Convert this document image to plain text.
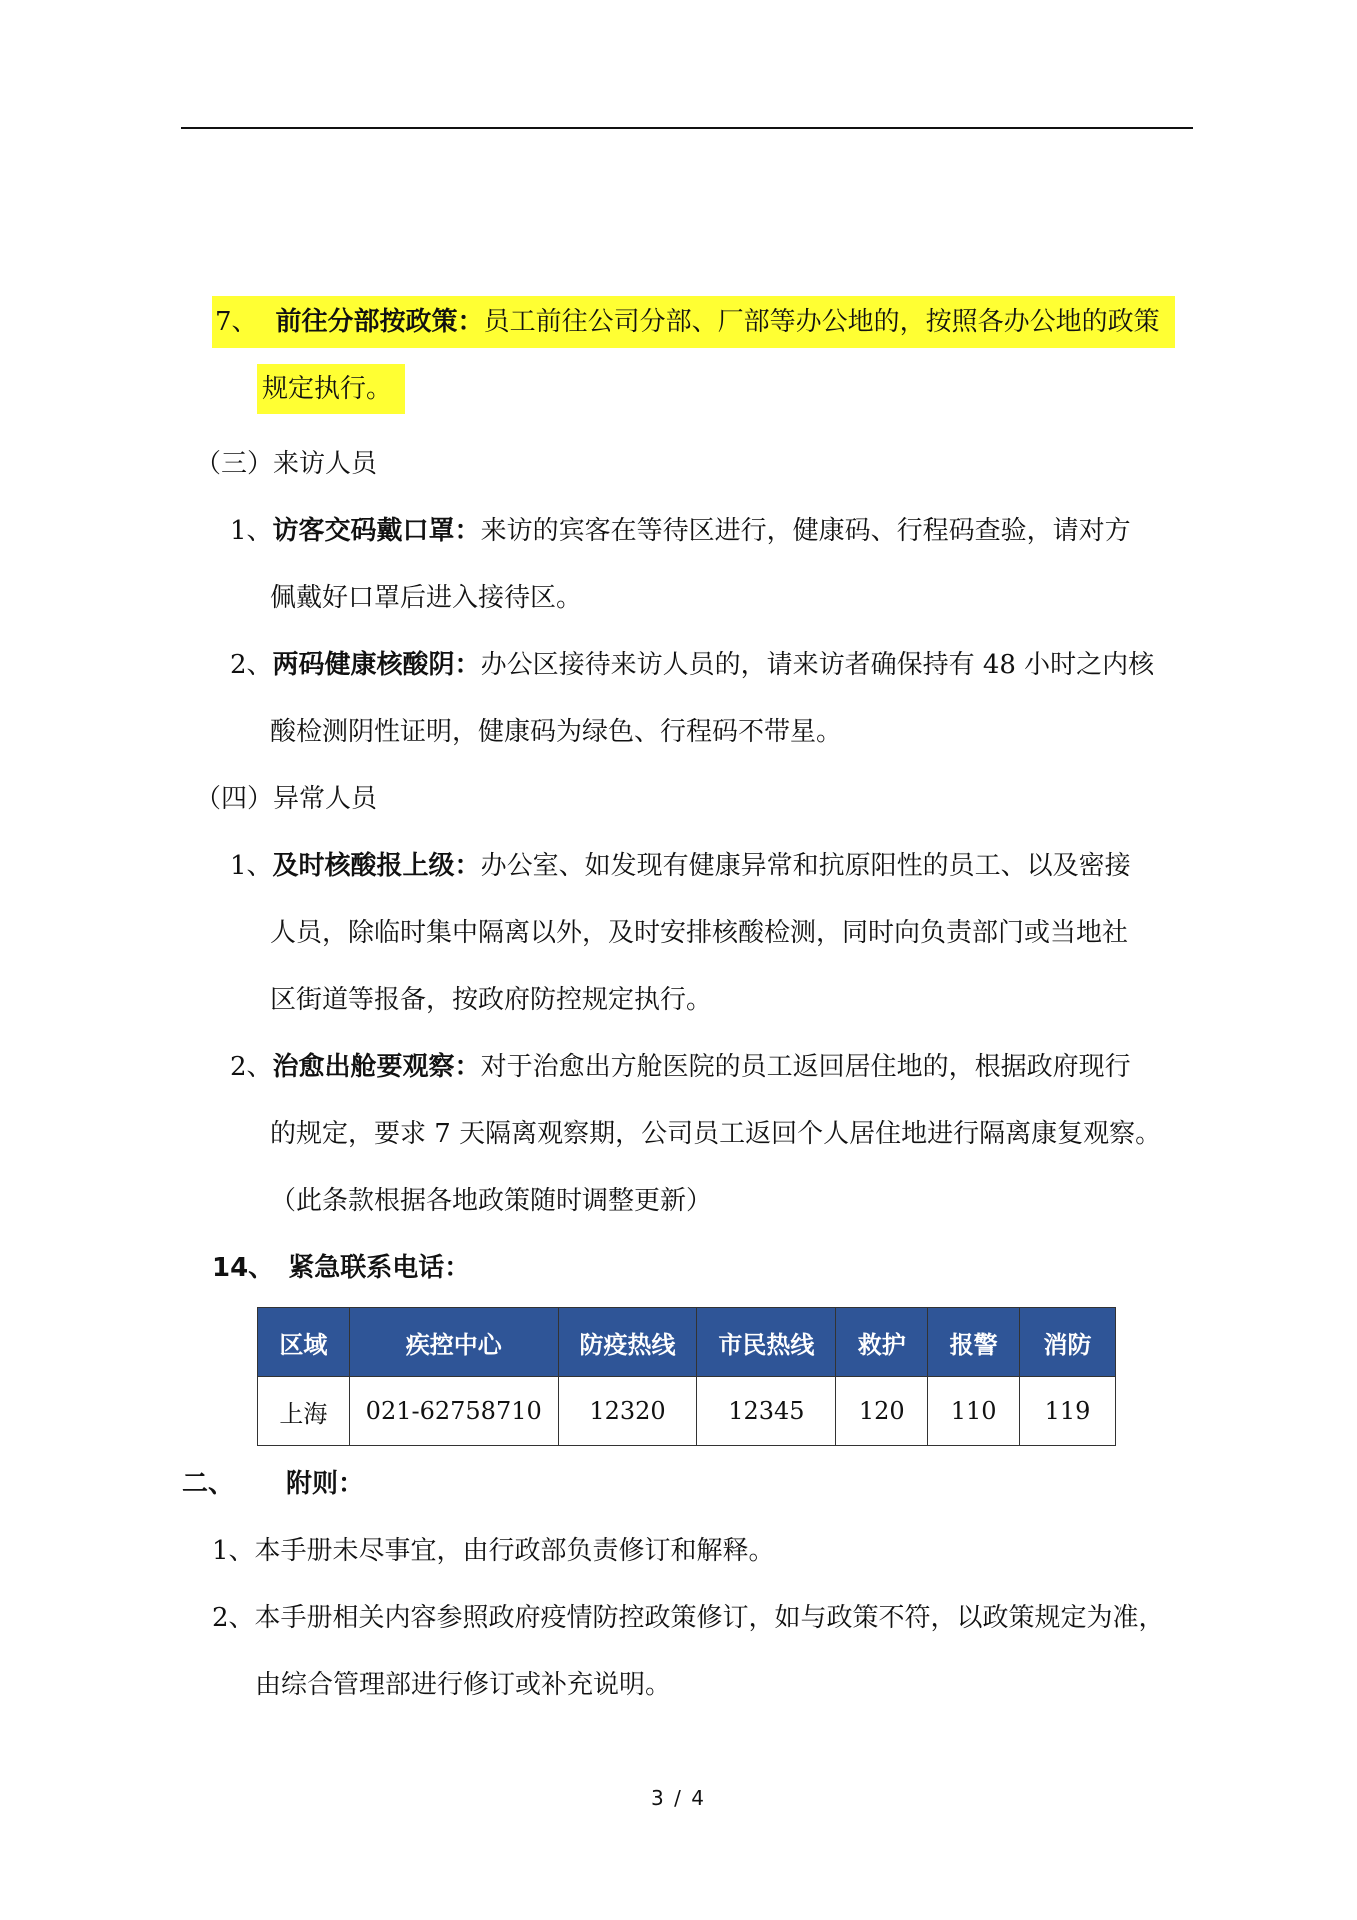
7、 前往分部按政策：员工前往公司分部、厂部等办公地的，按照各办公地的政策
规定执行。
（三）来访人员
1、访客交码戴口罩：来访的宾客在等待区进行，健康码、行程码查验，请对方
佩戴好口罩后进入接待区。
2、两码健康核酸阴：办公区接待来访人员的，请来访者确保持有 48 小时之内核
酸检测阴性证明，健康码为绿色、行程码不带星。
（四）异常人员
1、及时核酸报上级：办公室、如发现有健康异常和抗原阳性的员工、以及密接
人员，除临时集中隔离以外，及时安排核酸检测，同时向负责部门或当地社
区街道等报备，按政府防控规定执行。
2、治愈出舱要观察：对于治愈出方舱医院的员工返回居住地的，根据政府现行
的规定，要求 7 天隔离观察期，公司员工返回个人居住地进行隔离康复观察。
（此条款根据各地政策随时调整更新）
14、 紧急联系电话：
区域	疾控中心	防疫热线	市民热线	救护	报警	消防
上海	021-62758710	12320	12345	120	110	119
二、 附则：
1、本手册未尽事宜，由行政部负责修订和解释。
2、本手册相关内容参照政府疫情防控政策修订，如与政策不符，以政策规定为准，
由综合管理部进行修订或补充说明。
3 / 4
